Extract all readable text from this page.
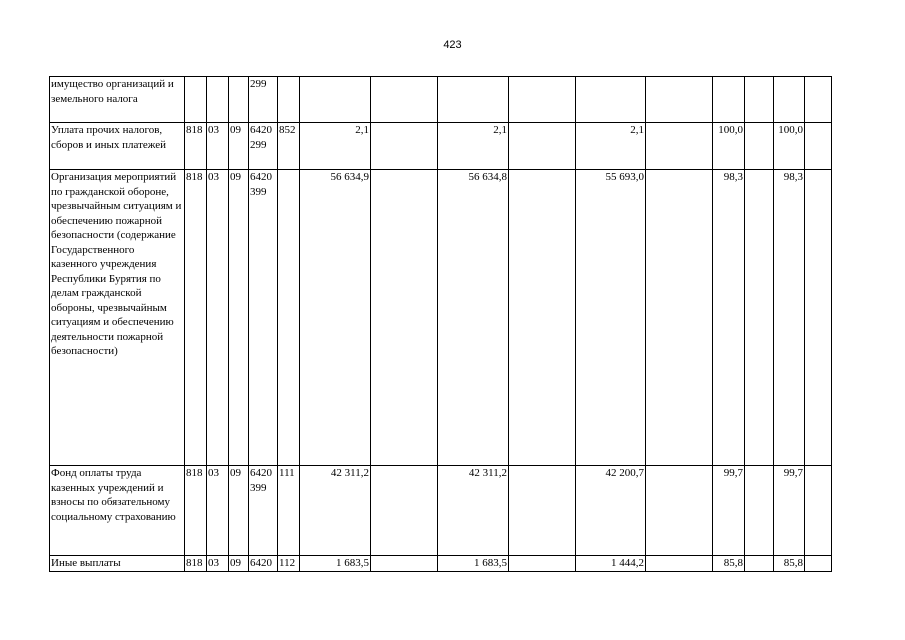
423
имущество организаций и земельного налога				299											
Уплата прочих налогов, сборов и иных платежей	818	03	09	6420 299	852	2,1		2,1		2,1		100,0		100,0	
Организация мероприятий по гражданской обороне, чрезвычайным ситуациям и обеспечению пожарной безопасности (содержание Государственного казенного учреждения Республики Бурятия по делам гражданской обороны, чрезвычайным ситуациям и обеспечению деятельности пожарной безопасности)	818	03	09	6420 399		56 634,9		56 634,8		55 693,0		98,3		98,3	
Фонд оплаты труда казенных учреждений и взносы по обязательному социальному страхованию	818	03	09	6420 399	111	42 311,2		42 311,2		42 200,7		99,7		99,7	
Иные выплаты	818	03	09	6420	112	1 683,5		1 683,5		1 444,2		85,8		85,8	
